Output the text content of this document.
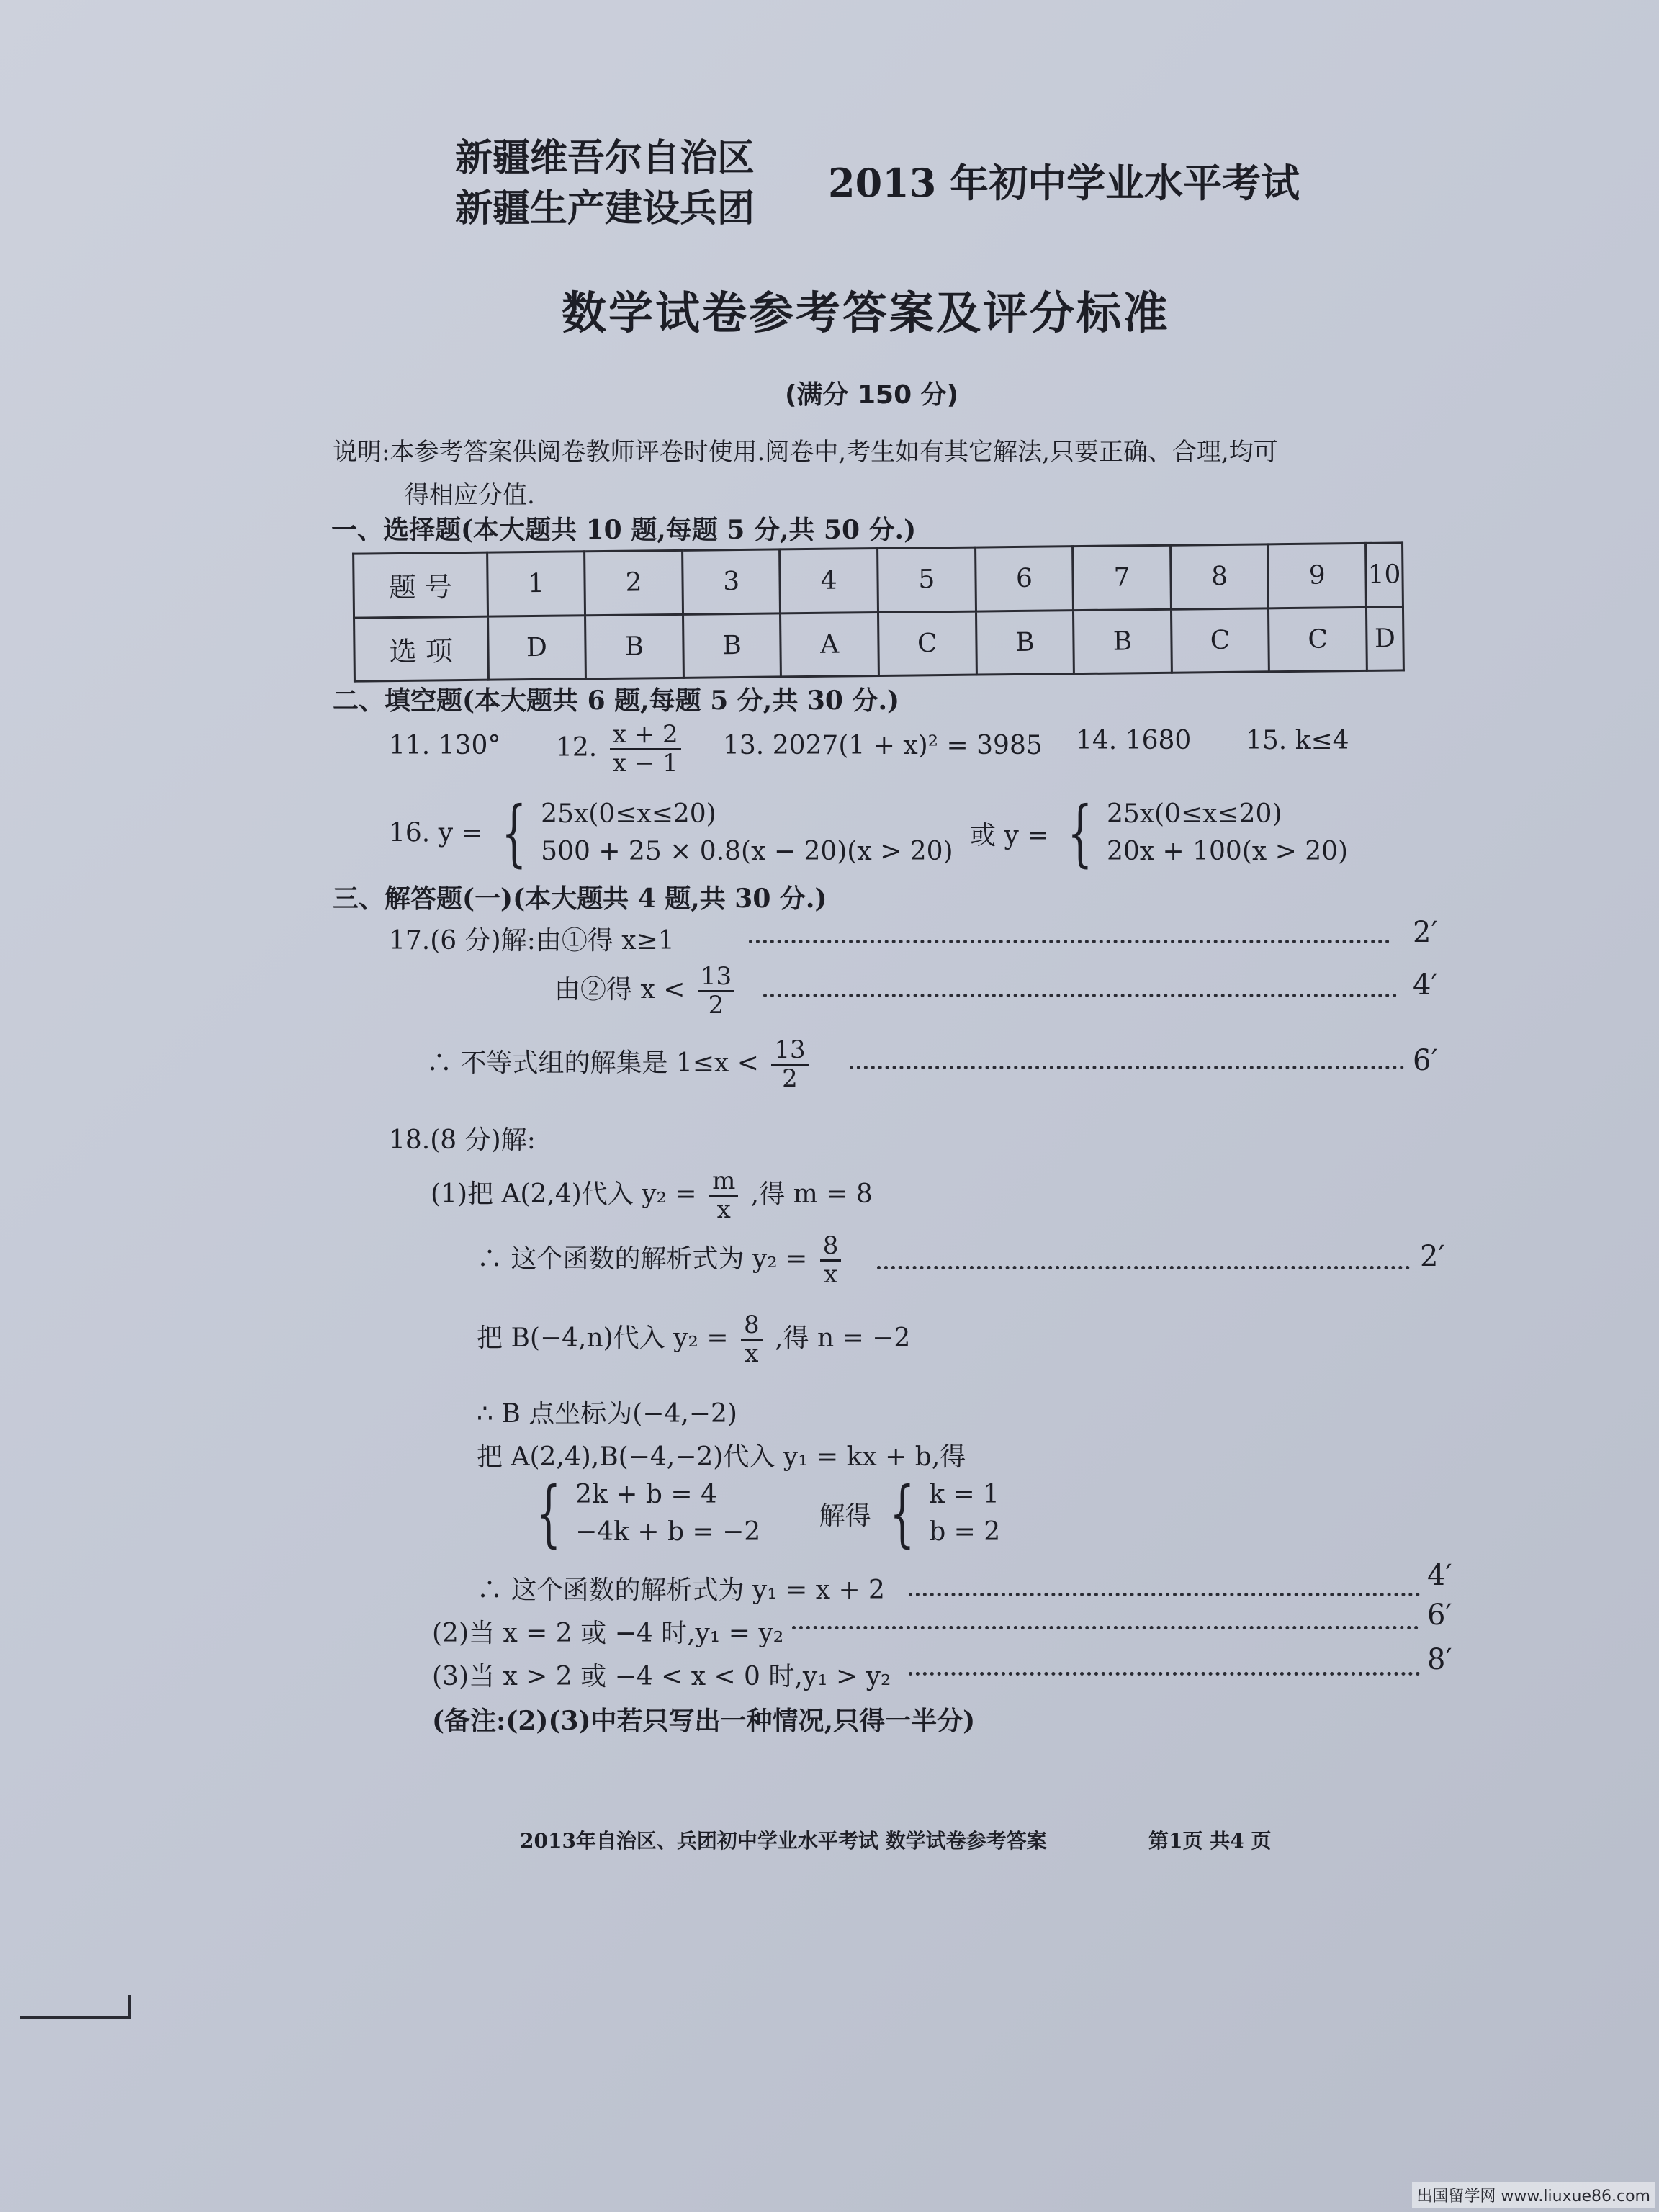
新疆维吾尔自治区
新疆生产建设兵团
2013 年初中学业水平考试
数学试卷参考答案及评分标准
(满分 150 分)
说明:本参考答案供阅卷教师评卷时使用.阅卷中,考生如有其它解法,只要正确、合理,均可
得相应分值.
一、选择题(本大题共 10 题,每题 5 分,共 50 分.)
题 号	1	2	3	4	5	6	7	8	9	10
选 项	D	B	B	A	C	B	B	C	C	D
二、填空题(本大题共 6 题,每题 5 分,共 30 分.)
11. 130° 12. $\frac{x + 2}{x - 1} 13$. 2027(1 + x)² = 3985 14. 1680 15. k≤4
16. y = { 25x(0≤x≤20)
500 + 25 × 0.8(x − 20)(x > 20)
或 y = { 25x(0≤x≤20)
20x + 100(x > 20)
三、解答题(一)(本大题共 4 题,共 30 分.)
17.(6 分)解:由①得 x≥1	2′
由②得 $x < \frac{13}{2}$	4′
∴ 不等式组的解集是 $1\le x < \frac{13}{2}$	6′
18.(8 分)解:
(1)把 A(2,4)代入 $y_2 = \frac{m}{x}$ ,得 m = 8
∴ 这个函数的解析式为 $y_2 = \frac{8}{x}$	2′
把 B(−4,n)代入 $y_2 = \frac{8}{x}$ ,得 n = −2
∴ B 点坐标为(−4,−2)
把 A(2,4),B(−4,−2)代入 y₁ = kx + b,得
{ 2k + b = 4
−4k + b = −2
解得 { k = 1
b = 2
∴ 这个函数的解析式为 y₁ = x + 2	4′
(2)当 x = 2 或 −4 时,y₁ = y₂
6′
(3)当 x > 2 或 −4 < x < 0 时,y₁ > y₂
8′
(备注:(2)(3)中若只写出一种情况,只得一半分)
2013年自治区、兵团初中学业水平考试 数学试卷参考答案	第1页 共4 页
出国留学网 www.liuxue86.com
